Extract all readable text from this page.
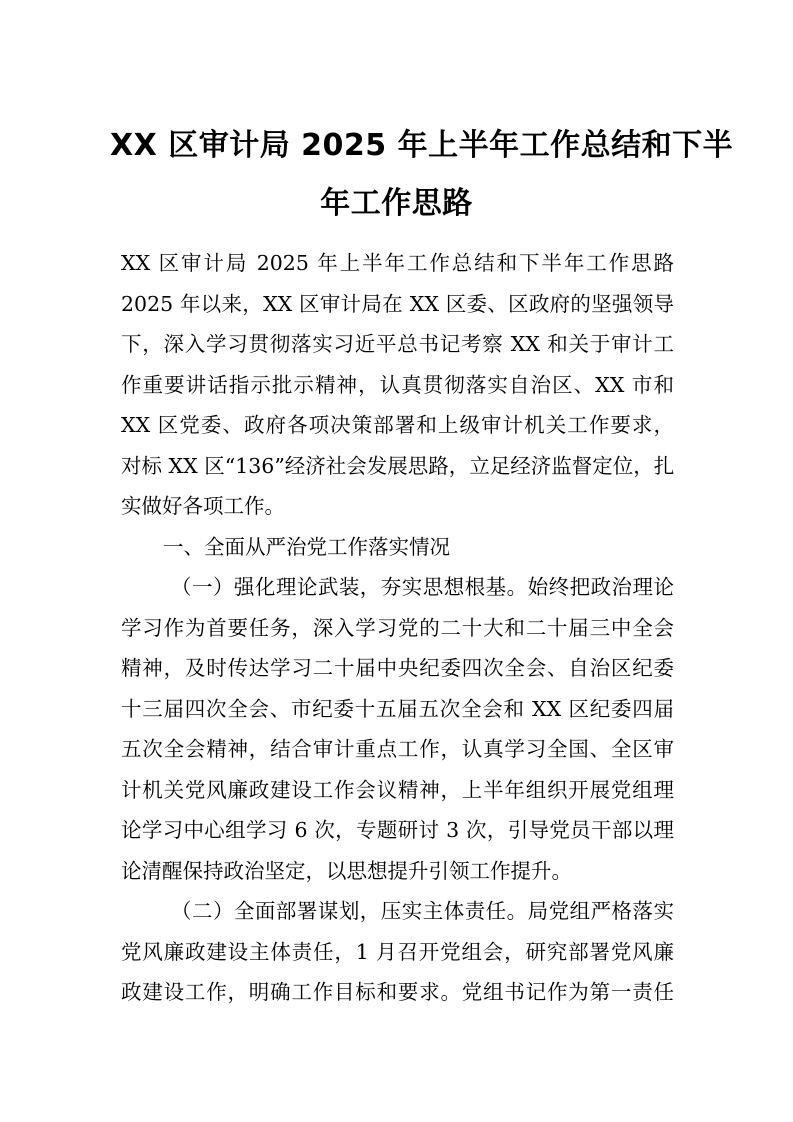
XX 区审计局 2025 年上半年工作总结和下半
年工作思路
XX 区审计局 2025 年上半年工作总结和下半年工作思路
2025 年以来，XX 区审计局在 XX 区委、区政府的坚强领导
下，深入学习贯彻落实习近平总书记考察 XX 和关于审计工
作重要讲话指示批示精神，认真贯彻落实自治区、XX 市和
XX 区党委、政府各项决策部署和上级审计机关工作要求，
对标 XX 区“136”经济社会发展思路，立足经济监督定位，扎
实做好各项工作。
一、全面从严治党工作落实情况
（一）强化理论武装，夯实思想根基。始终把政治理论
学习作为首要任务，深入学习党的二十大和二十届三中全会
精神，及时传达学习二十届中央纪委四次全会、自治区纪委
十三届四次全会、市纪委十五届五次全会和 XX 区纪委四届
五次全会精神，结合审计重点工作，认真学习全国、全区审
计机关党风廉政建设工作会议精神，上半年组织开展党组理
论学习中心组学习 6 次，专题研讨 3 次，引导党员干部以理
论清醒保持政治坚定，以思想提升引领工作提升。
（二）全面部署谋划，压实主体责任。局党组严格落实
党风廉政建设主体责任，1 月召开党组会，研究部署党风廉
政建设工作，明确工作目标和要求。党组书记作为第一责任
